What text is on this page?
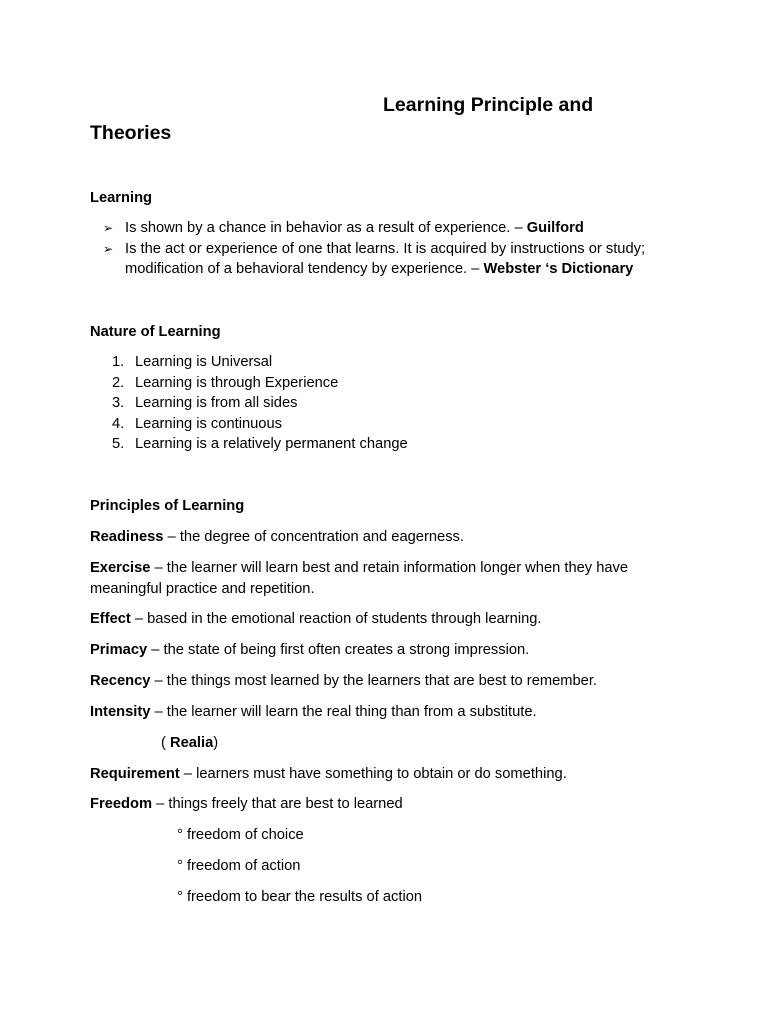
Learning Principle and
Theories
Learning
➢ Is shown by a chance in behavior as a result of experience. – Guilford
➢ Is the act or experience of one that learns. It is acquired by instructions or study; modification of a behavioral tendency by experience. – Webster ‘s Dictionary
Nature of Learning
1. Learning is Universal
2. Learning is through Experience
3. Learning is from all sides
4. Learning is continuous
5. Learning is a relatively permanent change
Principles of Learning
Readiness – the degree of concentration and eagerness.
Exercise – the learner will learn best and retain information longer when they have meaningful practice and repetition.
Effect – based in the emotional reaction of students through learning.
Primacy – the state of being first often creates a strong impression.
Recency – the things most learned by the learners that are best to remember.
Intensity – the learner will learn the real thing than from a substitute.
( Realia)
Requirement – learners must have something to obtain or do something.
Freedom – things freely that are best to learned
° freedom of choice
° freedom of action
° freedom to bear the results of action
